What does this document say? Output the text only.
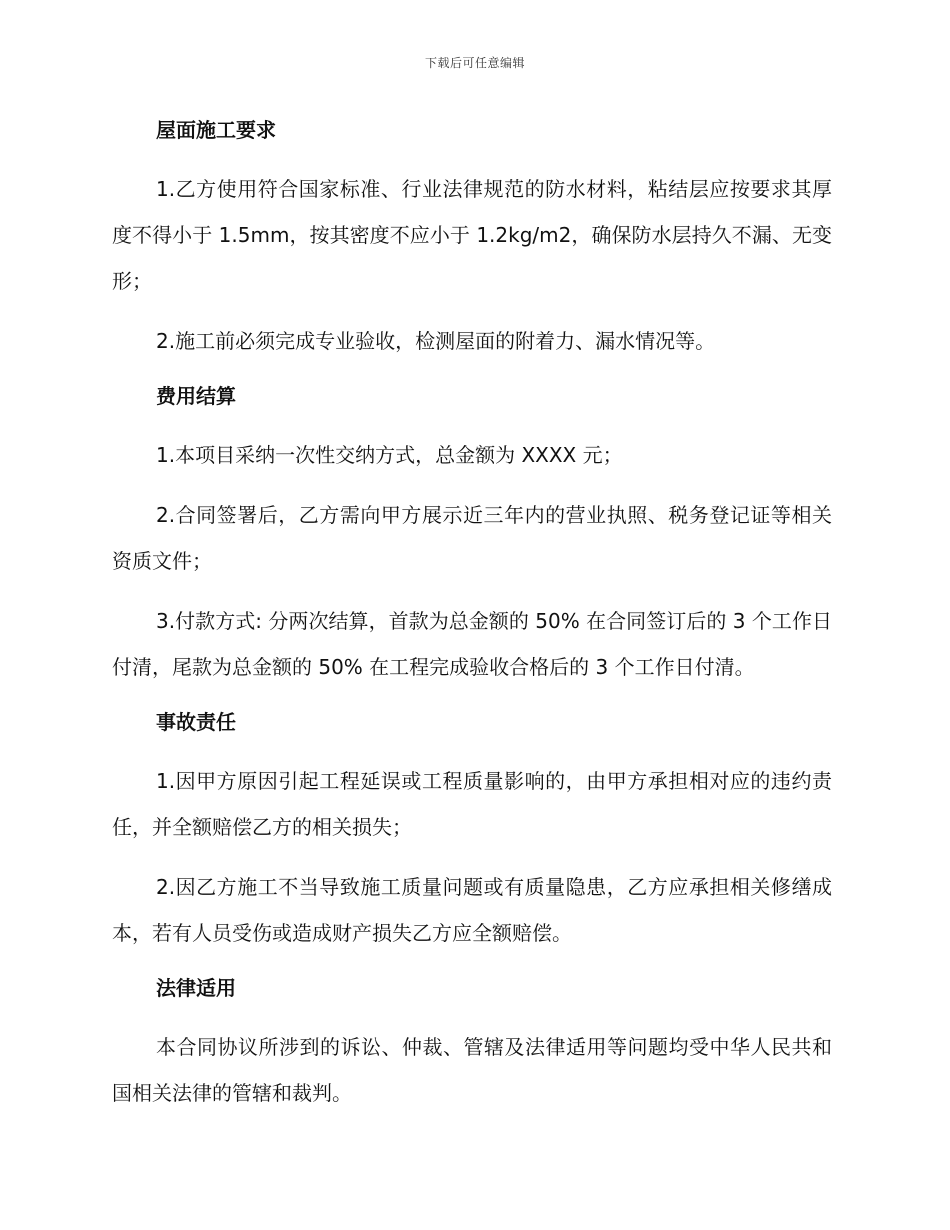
下载后可任意编辑
屋面施工要求

1.乙方使用符合国家标准、行业法律规范的防水材料，粘结层应按要求其厚度不得小于 1.5mm，按其密度不应小于 1.2kg/m2，确保防水层持久不漏、无变形；

2.施工前必须完成专业验收，检测屋面的附着力、漏水情况等。

费用结算

1.本项目采纳一次性交纳方式，总金额为 XXXX 元；

2.合同签署后，乙方需向甲方展示近三年内的营业执照、税务登记证等相关资质文件；

3.付款方式: 分两次结算，首款为总金额的 50% 在合同签订后的 3 个工作日付清，尾款为总金额的 50% 在工程完成验收合格后的 3 个工作日付清。

事故责任

1.因甲方原因引起工程延误或工程质量影响的，由甲方承担相对应的违约责任，并全额赔偿乙方的相关损失；

2.因乙方施工不当导致施工质量问题或有质量隐患，乙方应承担相关修缮成本，若有人员受伤或造成财产损失乙方应全额赔偿。

法律适用

本合同协议所涉到的诉讼、仲裁、管辖及法律适用等问题均受中华人民共和国相关法律的管辖和裁判。
